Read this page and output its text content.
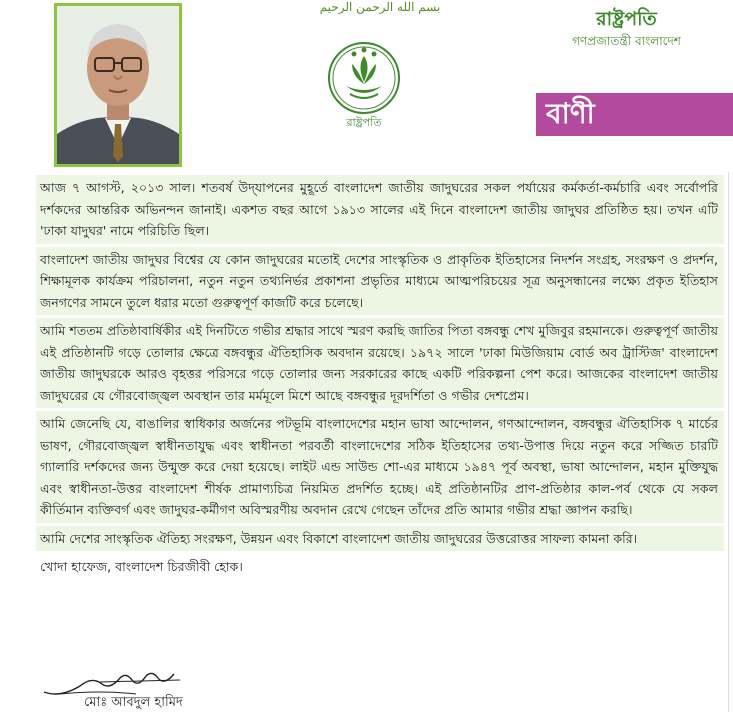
بسم الله الرحمن الرحيم
রাষ্ট্রপতি
রাষ্ট্রপতি
গণপ্রজাতন্ত্রী বাংলাদেশ
বাণী
আজ ৭ আগস্ট, ২০১৩ সাল। শতবর্ষ উদ্‌যাপনের মুহূর্তে বাংলাদেশ জাতীয় জাদুঘরের সকল পর্যায়ের কর্মকর্তা-কর্মচারি এবং সর্বোপরি দর্শকদের আন্তরিক অভিনন্দন জানাই। একশত বছর আগে ১৯১৩ সালের এই দিনে বাংলাদেশ জাতীয় জাদুঘর প্রতিষ্ঠিত হয়। তখন এটি 'ঢাকা যাদুঘর' নামে পরিচিতি ছিল।
বাংলাদেশ জাতীয় জাদুঘর বিশ্বের যে কোন জাদুঘরের মতোই দেশের সাংস্কৃতিক ও প্রাকৃতিক ইতিহাসের নিদর্শন সংগ্রহ, সংরক্ষণ ও প্রদর্শন, শিক্ষামূলক কার্যক্রম পরিচালনা, নতুন নতুন তথ্যনির্ভর প্রকাশনা প্রভৃতির মাধ্যমে আত্মপরিচয়ের সূত্র অনুসন্ধানের লক্ষ্যে প্রকৃত ইতিহাস জনগণের সামনে তুলে ধরার মতো গুরুত্বপূর্ণ কাজটি করে চলেছে।
আমি শততম প্রতিষ্ঠাবার্ষিকীর এই দিনটিতে গভীর শ্রদ্ধার সাথে স্মরণ করছি জাতির পিতা বঙ্গবন্ধু শেখ মুজিবুর রহমানকে। গুরুত্বপূর্ণ জাতীয় এই প্রতিষ্ঠানটি গড়ে তোলার ক্ষেত্রে বঙ্গবন্ধুর ঐতিহাসিক অবদান রয়েছে। ১৯৭২ সালে 'ঢাকা মিউজিয়াম বোর্ড অব ট্রাস্টিজ' বাংলাদেশ জাতীয় জাদুঘরকে আরও বৃহত্তর পরিসরে গড়ে তোলার জন্য সরকারের কাছে একটি পরিকল্পনা পেশ করে। আজকের বাংলাদেশ জাতীয় জাদুঘরের যে গৌরবোজ্জ্বল অবস্থান তার মর্মমূলে মিশে আছে বঙ্গবন্ধুর দূরদর্শিতা ও গভীর দেশপ্রেম।
আমি জেনেছি যে, বাঙালির স্বাধিকার অর্জনের পটভূমি বাংলাদেশের মহান ভাষা আন্দোলন, গণআন্দোলন, বঙ্গবন্ধুর ঐতিহাসিক ৭ মার্চের ভাষণ, গৌরবোজ্জ্বল স্বাধীনতাযুদ্ধ এবং স্বাধীনতা পরবর্তী বাংলাদেশের সঠিক ইতিহাসের তথ্য-উপাত্ত দিয়ে নতুন করে সজ্জিত চারটি গ্যালারি দর্শকদের জন্য উন্মুক্ত করে দেয়া হয়েছে। লাইট এন্ড সাউন্ড শো-এর মাধ্যমে ১৯৪৭ পূর্ব অবস্থা, ভাষা আন্দোলন, মহান মুক্তিযুদ্ধ এবং স্বাধীনতা-উত্তর বাংলাদেশ শীর্ষক প্রামাণ্যচিত্র নিয়মিত প্রদর্শিত হচ্ছে। এই প্রতিষ্ঠানটির প্রাণ-প্রতিষ্ঠার কাল-পর্ব থেকে যে সকল কীর্তিমান ব্যক্তিবর্গ এবং জাদুঘর-কর্মীগণ অবিস্মরণীয় অবদান রেখে গেছেন তাঁদের প্রতি আমার গভীর শ্রদ্ধা জ্ঞাপন করছি।
আমি দেশের সাংস্কৃতিক ঐতিহ্য সংরক্ষণ, উন্নয়ন এবং বিকাশে বাংলাদেশ জাতীয় জাদুঘরের উত্তরোত্তর সাফল্য কামনা করি।
খোদা হাফেজ, বাংলাদেশ চিরজীবী হোক।
মোঃ আবদুল হামিদ
